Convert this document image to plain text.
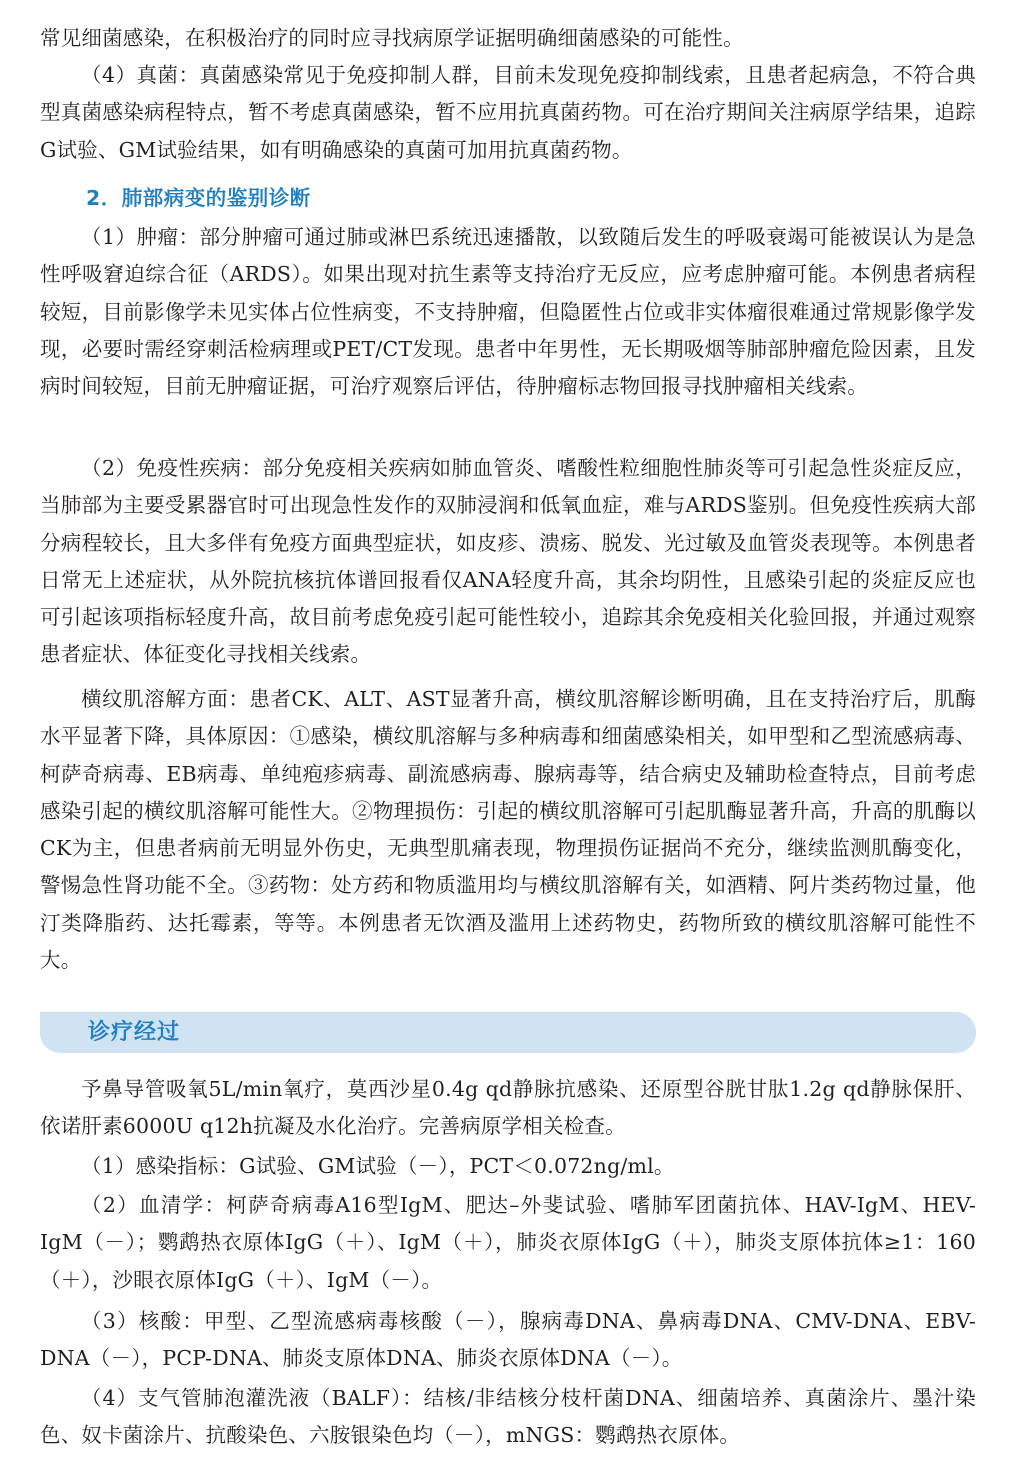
常见细菌感染，在积极治疗的同时应寻找病原学证据明确细菌感染的可能性。

（4）真菌：真菌感染常见于免疫抑制人群，目前未发现免疫抑制线索，且患者起病急，不符合典型真菌感染病程特点，暂不考虑真菌感染，暂不应用抗真菌药物。可在治疗期间关注病原学结果，追踪G试验、GM试验结果，如有明确感染的真菌可加用抗真菌药物。

2．肺部病变的鉴别诊断

（1）肿瘤：部分肿瘤可通过肺或淋巴系统迅速播散，以致随后发生的呼吸衰竭可能被误认为是急性呼吸窘迫综合征（ARDS）。如果出现对抗生素等支持治疗无反应，应考虑肿瘤可能。本例患者病程较短，目前影像学未见实体占位性病变，不支持肿瘤，但隐匿性占位或非实体瘤很难通过常规影像学发现，必要时需经穿刺活检病理或PET/CT发现。患者中年男性，无长期吸烟等肺部肿瘤危险因素，且发病时间较短，目前无肿瘤证据，可治疗观察后评估，待肿瘤标志物回报寻找肿瘤相关线索。

（2）免疫性疾病：部分免疫相关疾病如肺血管炎、嗜酸性粒细胞性肺炎等可引起急性炎症反应，当肺部为主要受累器官时可出现急性发作的双肺浸润和低氧血症，难与ARDS鉴别。但免疫性疾病大部分病程较长，且大多伴有免疫方面典型症状，如皮疹、溃疡、脱发、光过敏及血管炎表现等。本例患者日常无上述症状，从外院抗核抗体谱回报看仅ANA轻度升高，其余均阴性，且感染引起的炎症反应也可引起该项指标轻度升高，故目前考虑免疫引起可能性较小，追踪其余免疫相关化验回报，并通过观察患者症状、体征变化寻找相关线索。

横纹肌溶解方面：患者CK、ALT、AST显著升高，横纹肌溶解诊断明确，且在支持治疗后，肌酶水平显著下降，具体原因：①感染，横纹肌溶解与多种病毒和细菌感染相关，如甲型和乙型流感病毒、柯萨奇病毒、EB病毒、单纯疱疹病毒、副流感病毒、腺病毒等，结合病史及辅助检查特点，目前考虑感染引起的横纹肌溶解可能性大。②物理损伤：引起的横纹肌溶解可引起肌酶显著升高，升高的肌酶以CK为主，但患者病前无明显外伤史，无典型肌痛表现，物理损伤证据尚不充分，继续监测肌酶变化，警惕急性肾功能不全。③药物：处方药和物质滥用均与横纹肌溶解有关，如酒精、阿片类药物过量，他汀类降脂药、达托霉素，等等。本例患者无饮酒及滥用上述药物史，药物所致的横纹肌溶解可能性不大。

诊疗经过

予鼻导管吸氧5L/min氧疗，莫西沙星0.4g qd静脉抗感染、还原型谷胱甘肽1.2g qd静脉保肝、依诺肝素6000U q12h抗凝及水化治疗。完善病原学相关检查。

（1）感染指标：G试验、GM试验（－），PCT＜0.072ng/ml。

（2）血清学：柯萨奇病毒A16型IgM、肥达–外斐试验、嗜肺军团菌抗体、HAV-IgM、HEV-IgM（－）；鹦鹉热衣原体IgG（＋）、IgM（＋），肺炎衣原体IgG（＋），肺炎支原体抗体≥1：160（＋），沙眼衣原体IgG（＋）、IgM（－）。

（3）核酸：甲型、乙型流感病毒核酸（－），腺病毒DNA、鼻病毒DNA、CMV-DNA、EBV-DNA（－），PCP-DNA、肺炎支原体DNA、肺炎衣原体DNA（－）。

（4）支气管肺泡灌洗液（BALF）：结核/非结核分枝杆菌DNA、细菌培养、真菌涂片、墨汁染色、奴卡菌涂片、抗酸染色、六胺银染色均（－），mNGS：鹦鹉热衣原体。
